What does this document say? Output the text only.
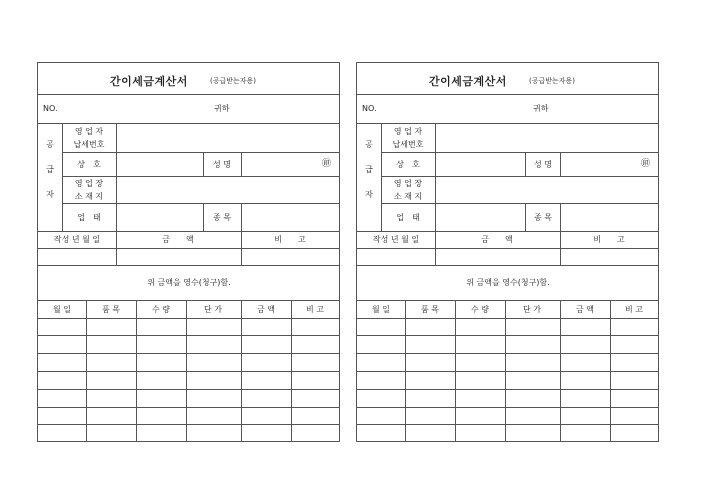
간이세금계산서	(공급받는자용)
NO.	귀하
공
급
자
영 업 자
납세번호
상　호	성 명	㊞
영 업 장
소 재 지
업　태	종 목
작성 년 월 일	금　　액	비　　고
위 금액을 영수(청구)함.
월 일	품 목	수 량	단 가	금 액	비 고
간이세금계산서	(공급받는자용)
NO.	귀하
공
급
자
영 업 자
납세번호
상　호	성 명	㊞
영 업 장
소 재 지
업　태	종 목
작성 년 월 일	금　　액	비　　고
위 금액을 영수(청구)함.
월 일	품 목	수 량	단 가	금 액	비 고
